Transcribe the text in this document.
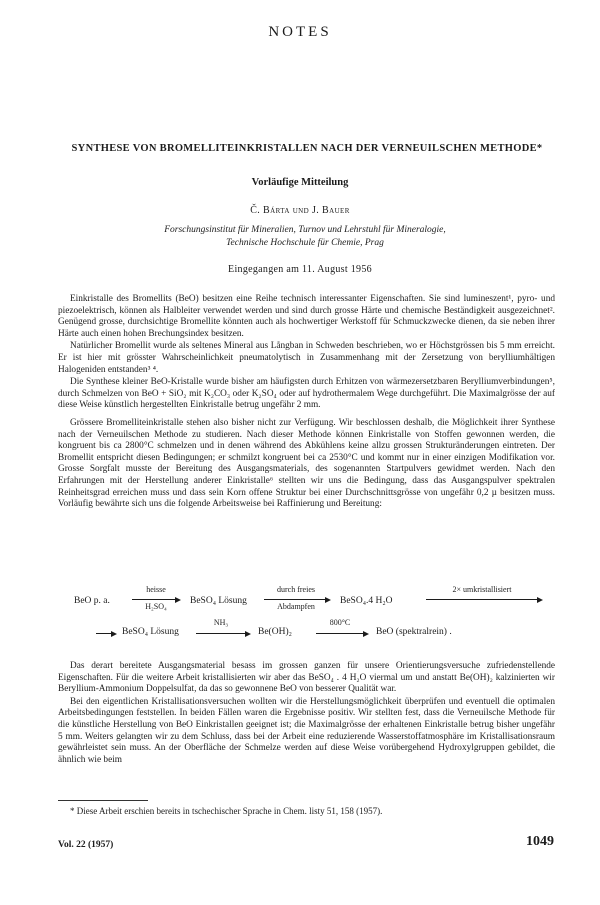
NOTES
SYNTHESE VON BROMELLITEINKRISTALLEN NACH DER VERNEUILSCHEN METHODE*
Vorläufige Mitteilung
Č. Bárta und J. Bauer
Forschungsinstitut für Mineralien, Turnov und Lehrstuhl für Mineralogie,
Technische Hochschule für Chemie, Prag
Eingegangen am 11. August 1956

Einkristalle des Bromellits (BeO) besitzen eine Reihe technisch interessanter Eigenschaften. Sie sind lumineszent¹, pyro- und piezoelektrisch, können als Halbleiter verwendet werden und sind durch grosse Härte und chemische Beständigkeit ausgezeichnet². Genügend grosse, durchsichtige Bromellite könnten auch als hochwertiger Werkstoff für Schmuckzwecke dienen, da sie neben ihrer Härte auch einen hohen Brechungsindex besitzen.

Natürlicher Bromellit wurde als seltenes Mineral aus Långban in Schweden beschrieben, wo er Höchstgrössen bis 5 mm erreicht. Er ist hier mit grösster Wahrscheinlichkeit pneumatolytisch in Zusammenhang mit der Zersetzung von berylliumhältigen Halogeniden entstanden³ ⁴.

Die Synthese kleiner BeO-Kristalle wurde bisher am häufigsten durch Erhitzen von wärmezersetzbaren Berylliumverbindungen⁵, durch Schmelzen von BeO + SiO₂ mit K₂CO₃ oder K₂SO₄ oder auf hydrothermalem Wege durchgeführt. Die Maximalgrösse der auf diese Weise künstlich hergestellten Einkristalle betrug ungefähr 2 mm.

Grössere Bromelliteinkristalle stehen also bisher nicht zur Verfügung. Wir beschlossen deshalb, die Möglichkeit ihrer Synthese nach der Verneuilschen Methode zu studieren. Nach dieser Methode können Einkristalle von Stoffen gewonnen werden, die kongruent bis ca 2800°C schmelzen und in denen während des Abkühlens keine allzu grossen Strukturänderungen eintreten. Der Bromellit entspricht diesen Bedingungen; er schmilzt kongruent bei ca 2530°C und kommt nur in einer einzigen Modifikation vor. Grosse Sorgfalt musste der Bereitung des Ausgangsmaterials, des sogenannten Startpulvers gewidmet werden. Nach den Erfahrungen mit der Herstellung anderer Einkristalle⁶ stellten wir uns die Bedingung, dass das Ausgangspulver spektralen Reinheitsgrad erreichen muss und dass sein Korn offene Struktur bei einer Durchschnittsgrösse von ungefähr 0,2 µ besitzen muss. Vorläufig bewährte sich uns die folgende Arbeitsweise bei Raffinierung und Bereitung:

BeO p. a.
heisse
H₂SO₄
BeSO₄ Lösung
durch freies
Abdampfen
BeSO₄.4 H₂O
2× umkristallisiert
BeSO₄ Lösung
NH₃
Be(OH)₂
800°C
BeO (spektralrein) .

Das derart bereitete Ausgangsmaterial besass im grossen ganzen für unsere Orientierungsversuche zufriedenstellende Eigenschaften. Für die weitere Arbeit kristallisierten wir aber das BeSO₄ . 4 H₂O viermal um und anstatt Be(OH)₂ kalzinierten wir Beryllium-Ammonium Doppelsulfat, da das so gewonnene BeO von besserer Qualität war.

Bei den eigentlichen Kristallisationsversuchen wollten wir die Herstellungsmöglichkeit überprüfen und eventuell die optimalen Arbeitsbedingungen feststellen. In beiden Fällen waren die Ergebnisse positiv. Wir stellten fest, dass die Verneuilsche Methode für die künstliche Herstellung von BeO Einkristallen geeignet ist; die Maximalgrösse der erhaltenen Einkristalle betrug bisher ungefähr 5 mm. Weiters gelangten wir zu dem Schluss, dass bei der Arbeit eine reduzierende Wasserstoffatmosphäre im Kristallisationsraum gewährleistet sein muss. An der Oberfläche der Schmelze werden auf diese Weise vorübergehend Hydroxylgruppen gebildet, die ähnlich wie beim

* Diese Arbeit erschien bereits in tschechischer Sprache in Chem. listy 51, 158 (1957).
Vol. 22 (1957)	1049
